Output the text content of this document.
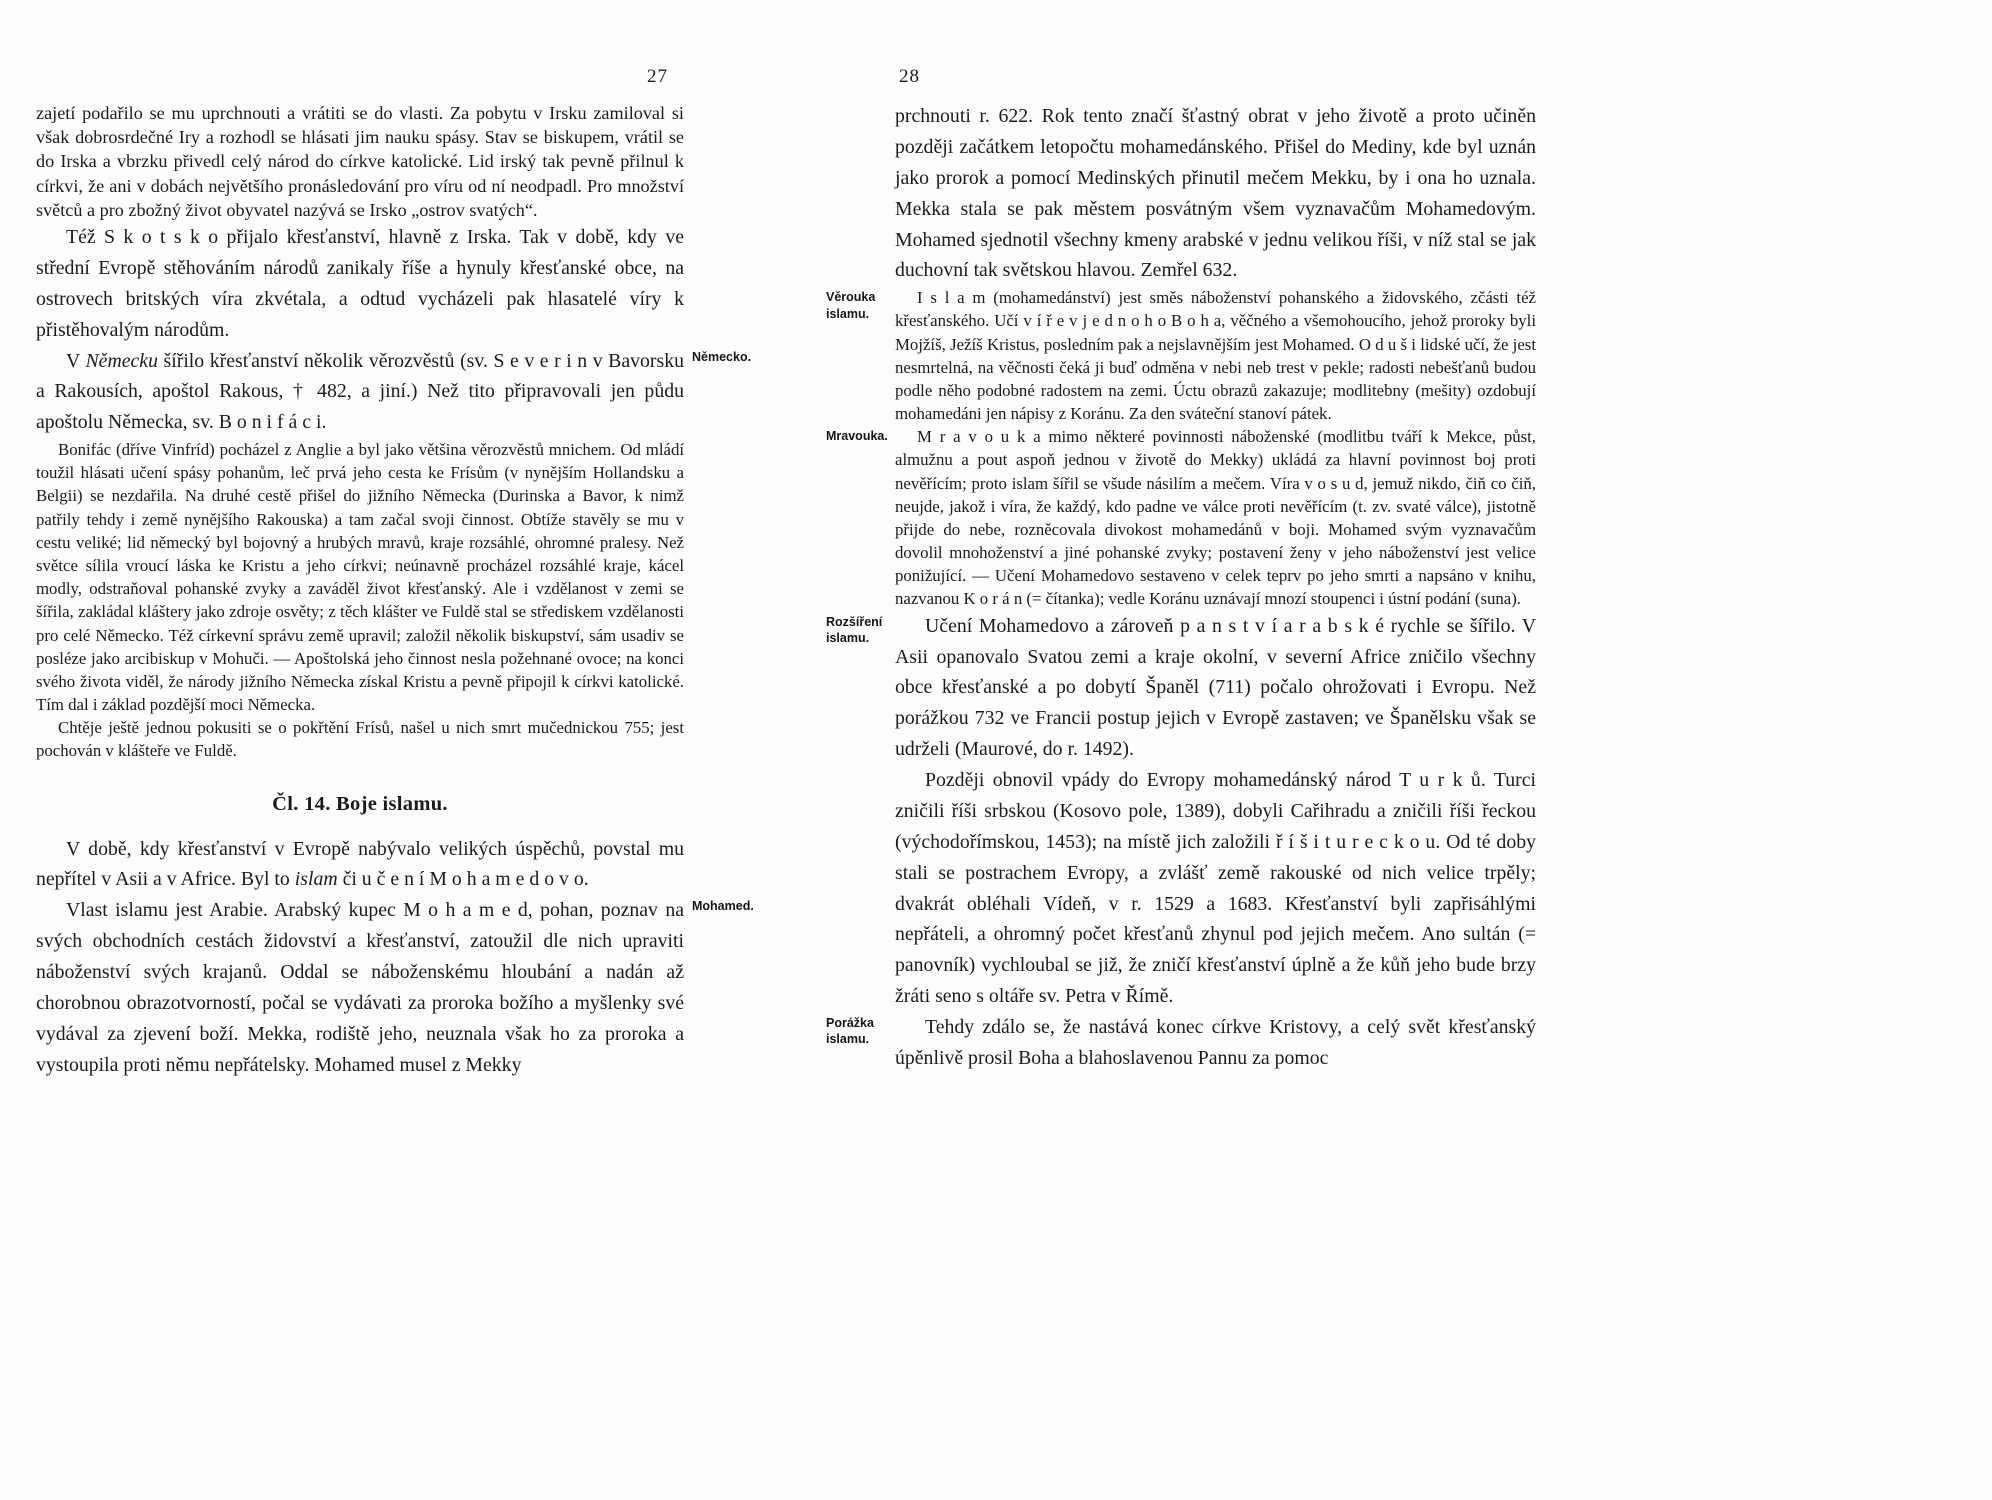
27

zajetí podařilo se mu uprchnouti a vrátiti se do vlasti. Za pobytu v Irsku zamiloval si však dobrosrdečné Iry a rozhodl se hlásati jim nauku spásy. Stav se biskupem, vrátil se do Irska a vbrzku přivedl celý národ do církve katolické. Lid irský tak pevně přilnul k církvi, že ani v dobách největšího pronásledování pro víru od ní neodpadl. Pro množství světců a pro zbožný život obyvatel nazývá se Irsko „ostrov svatých“.

Též S k o t s k o přijalo křesťanství, hlavně z Irska. Tak v době, kdy ve střední Evropě stěhováním národů zanikaly říše a hynuly křesťanské obce, na ostrovech britských víra zkvétala, a odtud vycházeli pak hlasatelé víry k přistěhovalým národům.

Německo.
V Německu šířilo křesťanství několik věrozvěstů (sv. S e v e r i n v Bavorsku a Rakousích, apoštol Rakous, † 482, a jiní.) Než tito připravovali jen půdu apoštolu Německa, sv. B o n i f á c i.

Bonifác (dříve Vinfríd) pocházel z Anglie a byl jako většina věrozvěstů mnichem. Od mládí toužil hlásati učení spásy pohanům, leč prvá jeho cesta ke Frísům (v nynějším Hollandsku a Belgii) se nezdařila. Na druhé cestě přišel do jižního Německa (Durinska a Bavor, k nimž patřily tehdy i země nynějšího Rakouska) a tam začal svoji činnost. Obtíže stavěly se mu v cestu veliké; lid německý byl bojovný a hrubých mravů, kraje rozsáhlé, ohromné pralesy. Než světce sílila vroucí láska ke Kristu a jeho církvi; neúnavně procházel rozsáhlé kraje, kácel modly, odstraňoval pohanské zvyky a zaváděl život křesťanský. Ale i vzdělanost v zemi se šířila, zakládal kláštery jako zdroje osvěty; z těch klášter ve Fuldě stal se střediskem vzdělanosti pro celé Německo. Též církevní správu země upravil; založil několik biskupství, sám usadiv se posléze jako arcibiskup v Mohuči. — Apoštolská jeho činnost nesla požehnané ovoce; na konci svého života viděl, že národy jižního Německa získal Kristu a pevně připojil k církvi katolické. Tím dal i základ pozdější moci Německa.

Chtěje ještě jednou pokusiti se o pokřtění Frísů, našel u nich smrt mučednickou 755; jest pochován v klášteře ve Fuldě.

Čl. 14. Boje islamu.

V době, kdy křesťanství v Evropě nabývalo velikých úspěchů, povstal mu nepřítel v Asii a v Africe. Byl to islam či u č e n í M o h a m e d o v o.

Mohamed.
Vlast islamu jest Arabie. Arabský kupec M o h a m e d, pohan, poznav na svých obchodních cestách židovství a křesťanství, zatoužil dle nich upraviti náboženství svých krajanů. Oddal se náboženskému hloubání a nadán až chorobnou obrazotvorností, počal se vydávati za proroka božího a myšlenky své vydával za zjevení boží. Mekka, rodiště jeho, neuznala však ho za proroka a vystoupila proti němu nepřátelsky. Mohamed musel z Mekky

28

prchnouti r. 622. Rok tento značí šťastný obrat v jeho životě a proto učiněn později začátkem letopočtu mohamedánského. Přišel do Mediny, kde byl uznán jako prorok a pomocí Medinských přinutil mečem Mekku, by i ona ho uznala. Mekka stala se pak městem posvátným všem vyznavačům Mohamedovým. Mohamed sjednotil všechny kmeny arabské v jednu velikou říši, v níž stal se jak duchovní tak světskou hlavou. Zemřel 632.

Věrouka islamu.
I s l a m (mohamedánství) jest směs náboženství pohanského a židovského, zčásti též křesťanského. Učí v í ř e v j e d n o h o B o h a, věčného a všemohoucího, jehož proroky byli Mojžíš, Ježíš Kristus, posledním pak a nejslavnějším jest Mohamed. O d u š i lidské učí, že jest nesmrtelná, na věčnosti čeká ji buď odměna v nebi neb trest v pekle; radosti nebešťanů budou podle něho podobné radostem na zemi. Úctu obrazů zakazuje; modlitebny (mešity) ozdobují mohamedáni jen nápisy z Koránu. Za den sváteční stanoví pátek.

Mravouka. M r a v o u k a mimo některé povinnosti náboženské (modlitbu tváří k Mekce, půst, almužnu a pout aspoň jednou v životě do Mekky) ukládá za hlavní povinnost boj proti nevěřícím; proto islam šířil se všude násilím a mečem. Víra v o s u d, jemuž nikdo, čiň co čiň, neujde, jakož i víra, že každý, kdo padne ve válce proti nevěřícím (t. zv. svaté válce), jistotně přijde do nebe, rozněcovala divokost mohamedánů v boji. Mohamed svým vyznavačům dovolil mnohoženství a jiné pohanské zvyky; postavení ženy v jeho náboženství jest velice ponižující. — Učení Mohamedovo sestaveno v celek teprv po jeho smrti a napsáno v knihu, nazvanou K o r á n (= čítanka); vedle Koránu uznávají mnozí stoupenci i ústní podání (suna).

Rozšíření islamu.
Učení Mohamedovo a zároveň p a n s t v í a r a b s k é rychle se šířilo. V Asii opanovalo Svatou zemi a kraje okolní, v severní Africe zničilo všechny obce křesťanské a po dobytí Španěl (711) počalo ohrožovati i Evropu. Než porážkou 732 ve Francii postup jejich v Evropě zastaven; ve Španělsku však se udrželi (Maurové, do r. 1492).

Později obnovil vpády do Evropy mohamedánský národ T u r k ů. Turci zničili říši srbskou (Kosovo pole, 1389), dobyli Cařihradu a zničili říši řeckou (východořímskou, 1453); na místě jich založili ř í š i t u r e c k o u. Od té doby stali se postrachem Evropy, a zvlášť země rakouské od nich velice trpěly; dvakrát obléhali Vídeň, v r. 1529 a 1683. Křesťanství byli zapřisáhlými nepřáteli, a ohromný počet křesťanů zhynul pod jejich mečem. Ano sultán (= panovník) vychloubal se již, že zničí křesťanství úplně a že kůň jeho bude brzy žráti seno s oltáře sv. Petra v Římě.

Porážka islamu.
Tehdy zdálo se, že nastává konec církve Kristovy, a celý svět křesťanský úpěnlivě prosil Boha a blahoslavenou Pannu za pomoc
